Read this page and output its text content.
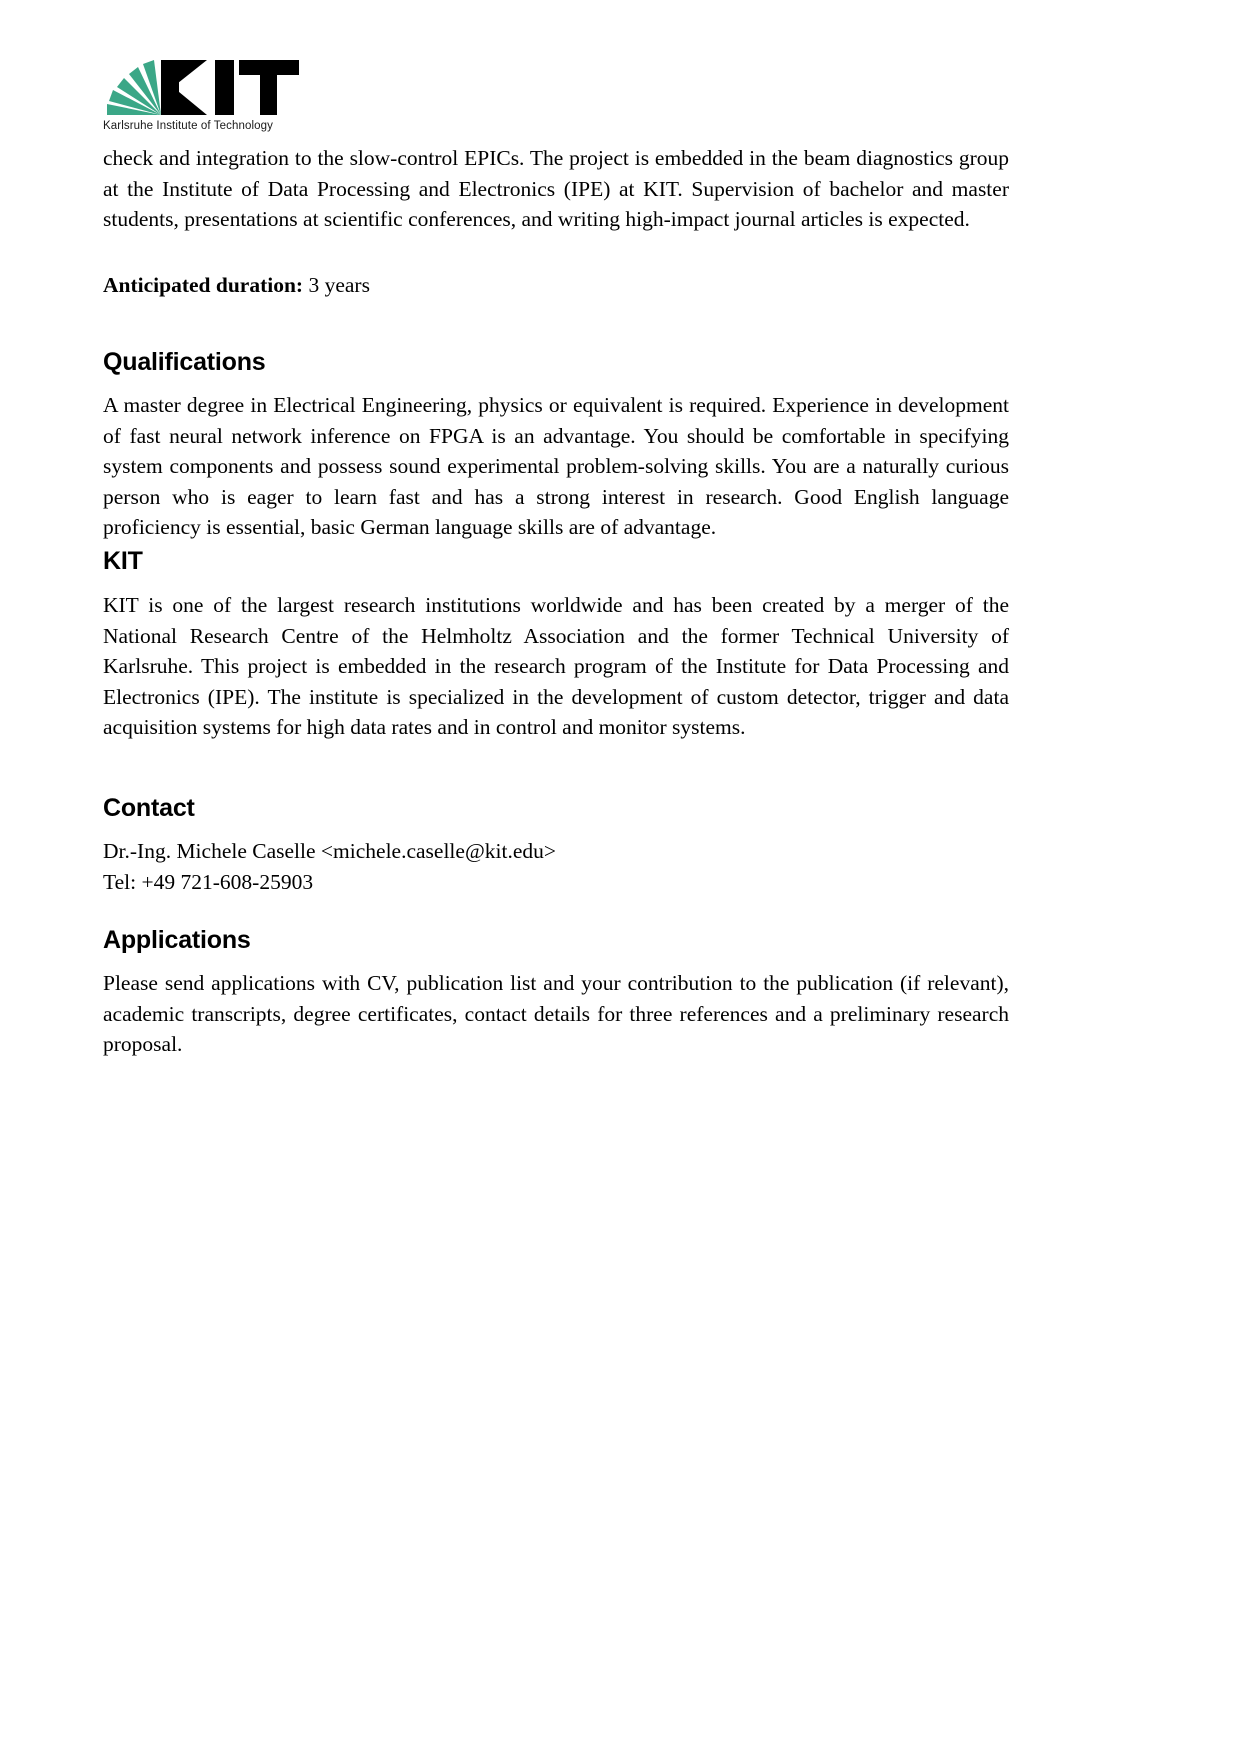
Karlsruhe Institute of Technology

check and integration to the slow-control EPICs. The project is embedded in the beam diagnostics group at the Institute of Data Processing and Electronics (IPE) at KIT. Supervision of bachelor and master students, presentations at scientific conferences, and writing high-impact journal articles is expected.

Anticipated duration: 3 years

Qualifications

A master degree in Electrical Engineering, physics or equivalent is required. Experience in development of fast neural network inference on FPGA is an advantage. You should be comfortable in specifying system components and possess sound experimental problem-solving skills. You are a naturally curious person who is eager to learn fast and has a strong interest in research. Good English language proficiency is essential, basic German language skills are of advantage.

KIT

KIT is one of the largest research institutions worldwide and has been created by a merger of the National Research Centre of the Helmholtz Association and the former Technical University of Karlsruhe. This project is embedded in the research program of the Institute for Data Processing and Electronics (IPE). The institute is specialized in the development of custom detector, trigger and data acquisition systems for high data rates and in control and monitor systems.

Contact

Dr.-Ing. Michele Caselle <michele.caselle@kit.edu>

Tel: +49 721-608-25903

Applications

Please send applications with CV, publication list and your contribution to the publication (if relevant), academic transcripts, degree certificates, contact details for three references and a preliminary research proposal.
